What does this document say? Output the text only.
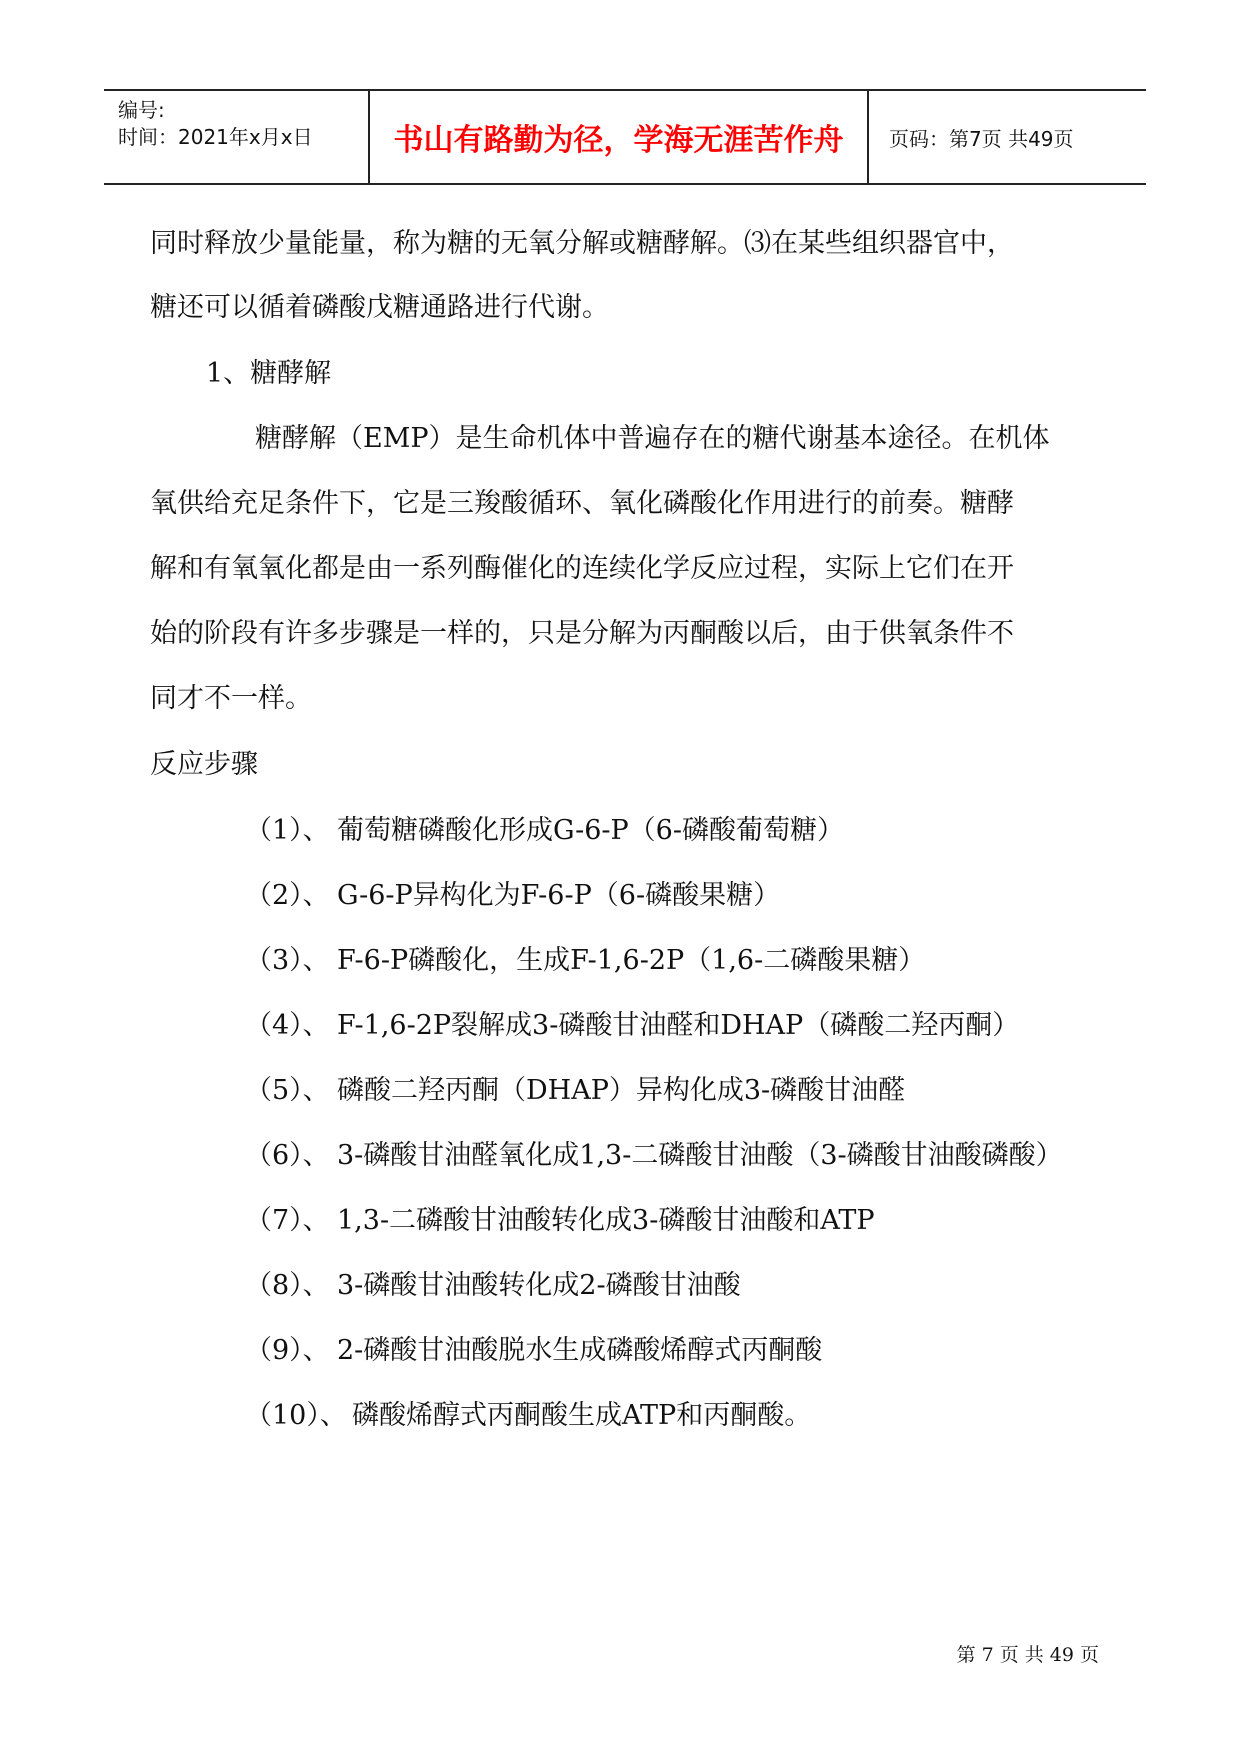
编号:
时间：2021年x月x日	书山有路勤为径，学海无涯苦作舟 页码：第7页 共49页
同时释放少量能量，称为糖的无氧分解或糖酵解。⑶在某些组织器官中，
糖还可以循着磷酸戊糖通路进行代谢。
1、糖酵解
糖酵解（EMP）是生命机体中普遍存在的糖代谢基本途径。在机体
氧供给充足条件下，它是三羧酸循环、氧化磷酸化作用进行的前奏。糖酵
解和有氧氧化都是由一系列酶催化的连续化学反应过程，实际上它们在开
始的阶段有许多步骤是一样的，只是分解为丙酮酸以后，由于供氧条件不
同才不一样。
反应步骤
（1）、 葡萄糖磷酸化形成G-6-P（6-磷酸葡萄糖）
（2）、 G-6-P异构化为F-6-P（6-磷酸果糖）
（3）、 F-6-P磷酸化，生成F-1,6-2P（1,6-二磷酸果糖）
（4）、 F-1,6-2P裂解成3-磷酸甘油醛和DHAP（磷酸二羟丙酮）
（5）、 磷酸二羟丙酮（DHAP）异构化成3-磷酸甘油醛
（6）、 3-磷酸甘油醛氧化成1,3-二磷酸甘油酸（3-磷酸甘油酸磷酸）
（7）、 1,3-二磷酸甘油酸转化成3-磷酸甘油酸和ATP
（8）、 3-磷酸甘油酸转化成2-磷酸甘油酸
（9）、 2-磷酸甘油酸脱水生成磷酸烯醇式丙酮酸
（10）、 磷酸烯醇式丙酮酸生成ATP和丙酮酸。
第 7 页 共 49 页
